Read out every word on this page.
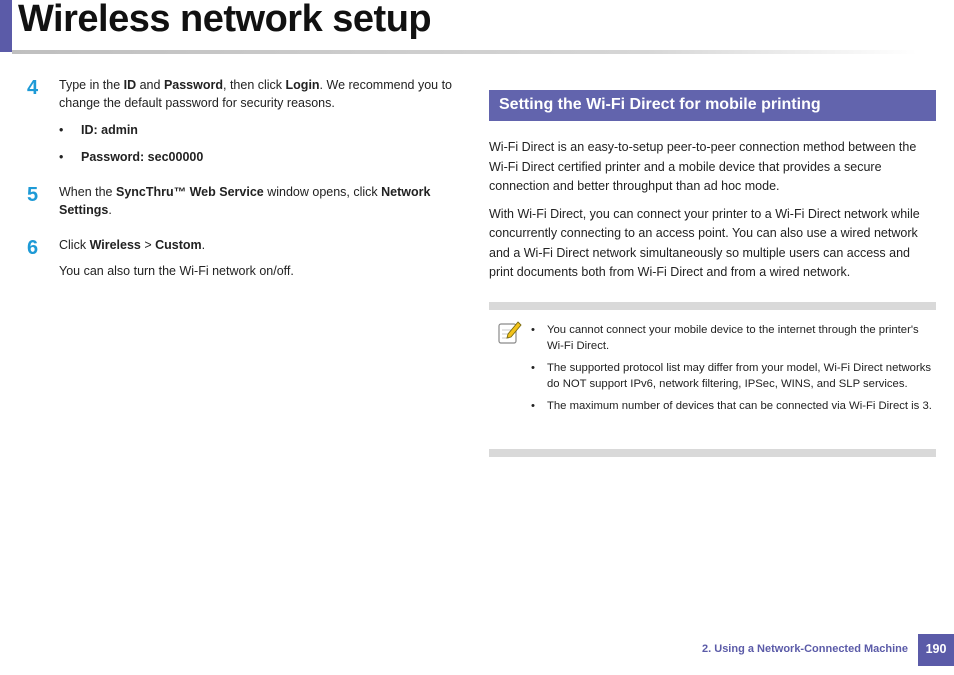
Wireless network setup
4 Type in the ID and Password, then click Login. We recommend you to change the default password for security reasons.

• ID: admin
• Password: sec00000
5 When the SyncThru™ Web Service window opens, click Network Settings.

6 Click Wireless > Custom.

You can also turn the Wi-Fi network on/off.

Setting the Wi-Fi Direct for mobile printing

Wi-Fi Direct is an easy-to-setup peer-to-peer connection method between the Wi-Fi Direct certified printer and a mobile device that provides a secure connection and better throughput than ad hoc mode.

With Wi-Fi Direct, you can connect your printer to a Wi-Fi Direct network while concurrently connecting to an access point. You can also use a wired network and a Wi-Fi Direct network simultaneously so multiple users can access and print documents both from Wi-Fi Direct and from a wired network.

• You cannot connect your mobile device to the internet through the printer's Wi-Fi Direct.
• The supported protocol list may differ from your model, Wi-Fi Direct networks do NOT support IPv6, network filtering, IPSec, WINS, and SLP services.
• The maximum number of devices that can be connected via Wi-Fi Direct is 3.
2. Using a Network-Connected Machine	190
